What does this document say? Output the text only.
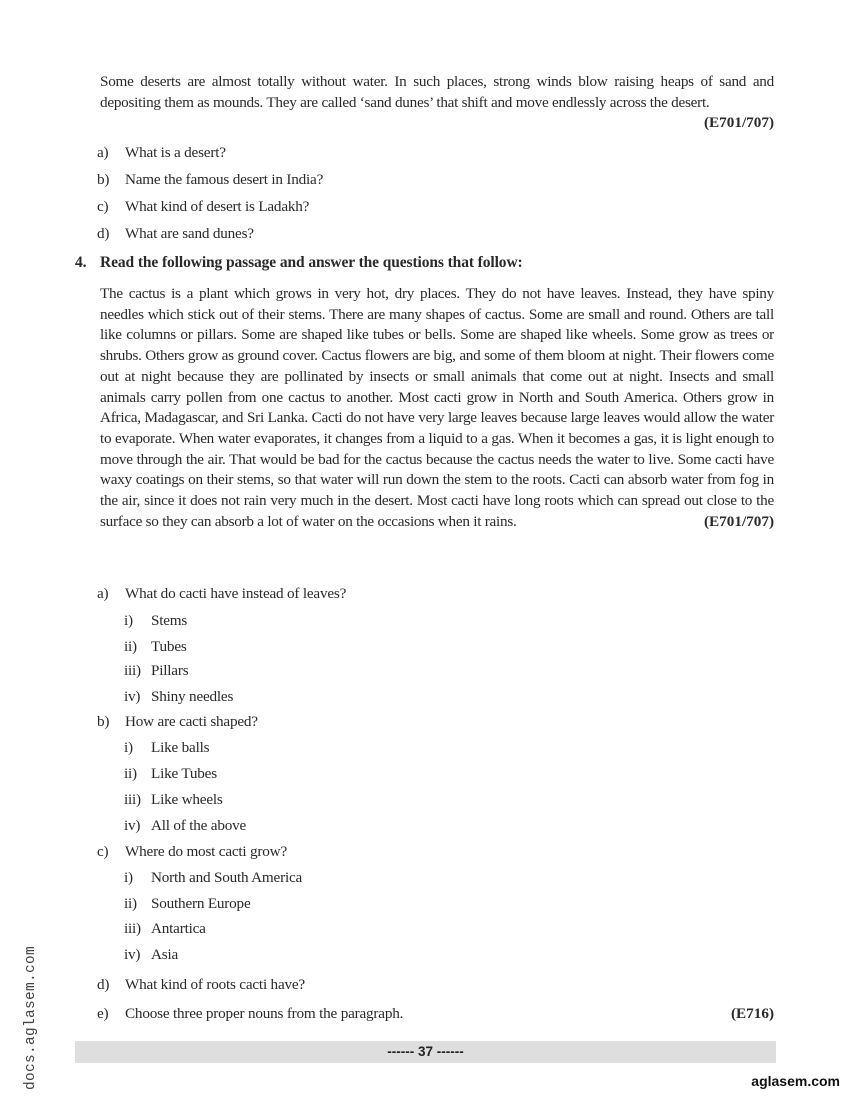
Some deserts are almost totally without water. In such places, strong winds blow raising heaps of sand and depositing them as mounds. They are called ‘sand dunes’ that shift and move endlessly across the desert.
(E701/707)
a) What is a desert?
b) Name the famous desert in India?
c) What kind of desert is Ladakh?
d) What are sand dunes?
4. Read the following passage and answer the questions that follow:
The cactus is a plant which grows in very hot, dry places. They do not have leaves. Instead, they have spiny needles which stick out of their stems. There are many shapes of cactus. Some are small and round. Others are tall like columns or pillars. Some are shaped like tubes or bells. Some are shaped like wheels. Some grow as trees or shrubs. Others grow as ground cover. Cactus flowers are big, and some of them bloom at night. Their flowers come out at night because they are pollinated by insects or small animals that come out at night. Insects and small animals carry pollen from one cactus to another. Most cacti grow in North and South America. Others grow in Africa, Madagascar, and Sri Lanka. Cacti do not have very large leaves because large leaves would allow the water to evaporate. When water evaporates, it changes from a liquid to a gas. When it becomes a gas, it is light enough to move through the air. That would be bad for the cactus because the cactus needs the water to live. Some cacti have waxy coatings on their stems, so that water will run down the stem to the roots. Cacti can absorb water from fog in the air, since it does not rain very much in the desert. Most cacti have long roots which can spread out close to the surface so they can absorb a lot of water on the occasions when it rains.	(E701/707)
a) What do cacti have instead of leaves?
i) Stems
ii) Tubes
iii) Pillars
iv) Shiny needles
b) How are cacti shaped?
i) Like balls
ii) Like Tubes
iii) Like wheels
iv) All of the above
c) Where do most cacti grow?
i) North and South America
ii) Southern Europe
iii) Antartica
iv) Asia
d) What kind of roots cacti have?
e) Choose three proper nouns from the paragraph.	(E716)
------ 37 ------
aglasem.com
docs.aglasem.com
